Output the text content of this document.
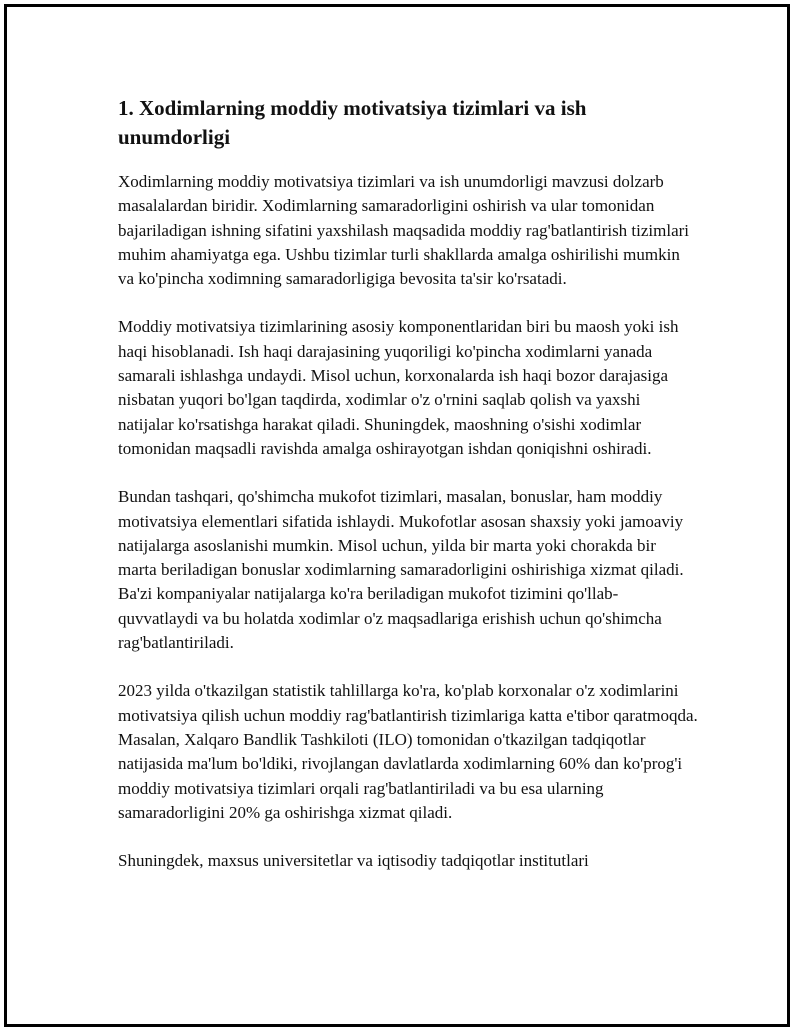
1. Xodimlarning moddiy motivatsiya tizimlari va ish unumdorligi

Xodimlarning moddiy motivatsiya tizimlari va ish unumdorligi mavzusi dolzarb masalalardan biridir. Xodimlarning samaradorligini oshirish va ular tomonidan bajariladigan ishning sifatini yaxshilash maqsadida moddiy rag'batlantirish tizimlari muhim ahamiyatga ega. Ushbu tizimlar turli shakllarda amalga oshirilishi mumkin va ko'pincha xodimning samaradorligiga bevosita ta'sir ko'rsatadi.

Moddiy motivatsiya tizimlarining asosiy komponentlaridan biri bu maosh yoki ish haqi hisoblanadi. Ish haqi darajasining yuqoriligi ko'pincha xodimlarni yanada samarali ishlashga undaydi. Misol uchun, korxonalarda ish haqi bozor darajasiga nisbatan yuqori bo'lgan taqdirda, xodimlar o'z o'rnini saqlab qolish va yaxshi natijalar ko'rsatishga harakat qiladi. Shuningdek, maoshning o'sishi xodimlar tomonidan maqsadli ravishda amalga oshirayotgan ishdan qoniqishni oshiradi.

Bundan tashqari, qo'shimcha mukofot tizimlari, masalan, bonuslar, ham moddiy motivatsiya elementlari sifatida ishlaydi. Mukofotlar asosan shaxsiy yoki jamoaviy natijalarga asoslanishi mumkin. Misol uchun, yilda bir marta yoki chorakda bir marta beriladigan bonuslar xodimlarning samaradorligini oshirishiga xizmat qiladi. Ba'zi kompaniyalar natijalarga ko'ra beriladigan mukofot tizimini qo'llab-quvvatlaydi va bu holatda xodimlar o'z maqsadlariga erishish uchun qo'shimcha rag'batlantiriladi.

2023 yilda o'tkazilgan statistik tahlillarga ko'ra, ko'plab korxonalar o'z xodimlarini motivatsiya qilish uchun moddiy rag'batlantirish tizimlariga katta e'tibor qaratmoqda. Masalan, Xalqaro Bandlik Tashkiloti (ILO) tomonidan o'tkazilgan tadqiqotlar natijasida ma'lum bo'ldiki, rivojlangan davlatlarda xodimlarning 60% dan ko'prog'i moddiy motivatsiya tizimlari orqali rag'batlantiriladi va bu esa ularning samaradorligini 20% ga oshirishga xizmat qiladi.

Shuningdek, maxsus universitetlar va iqtisodiy tadqiqotlar institutlari
